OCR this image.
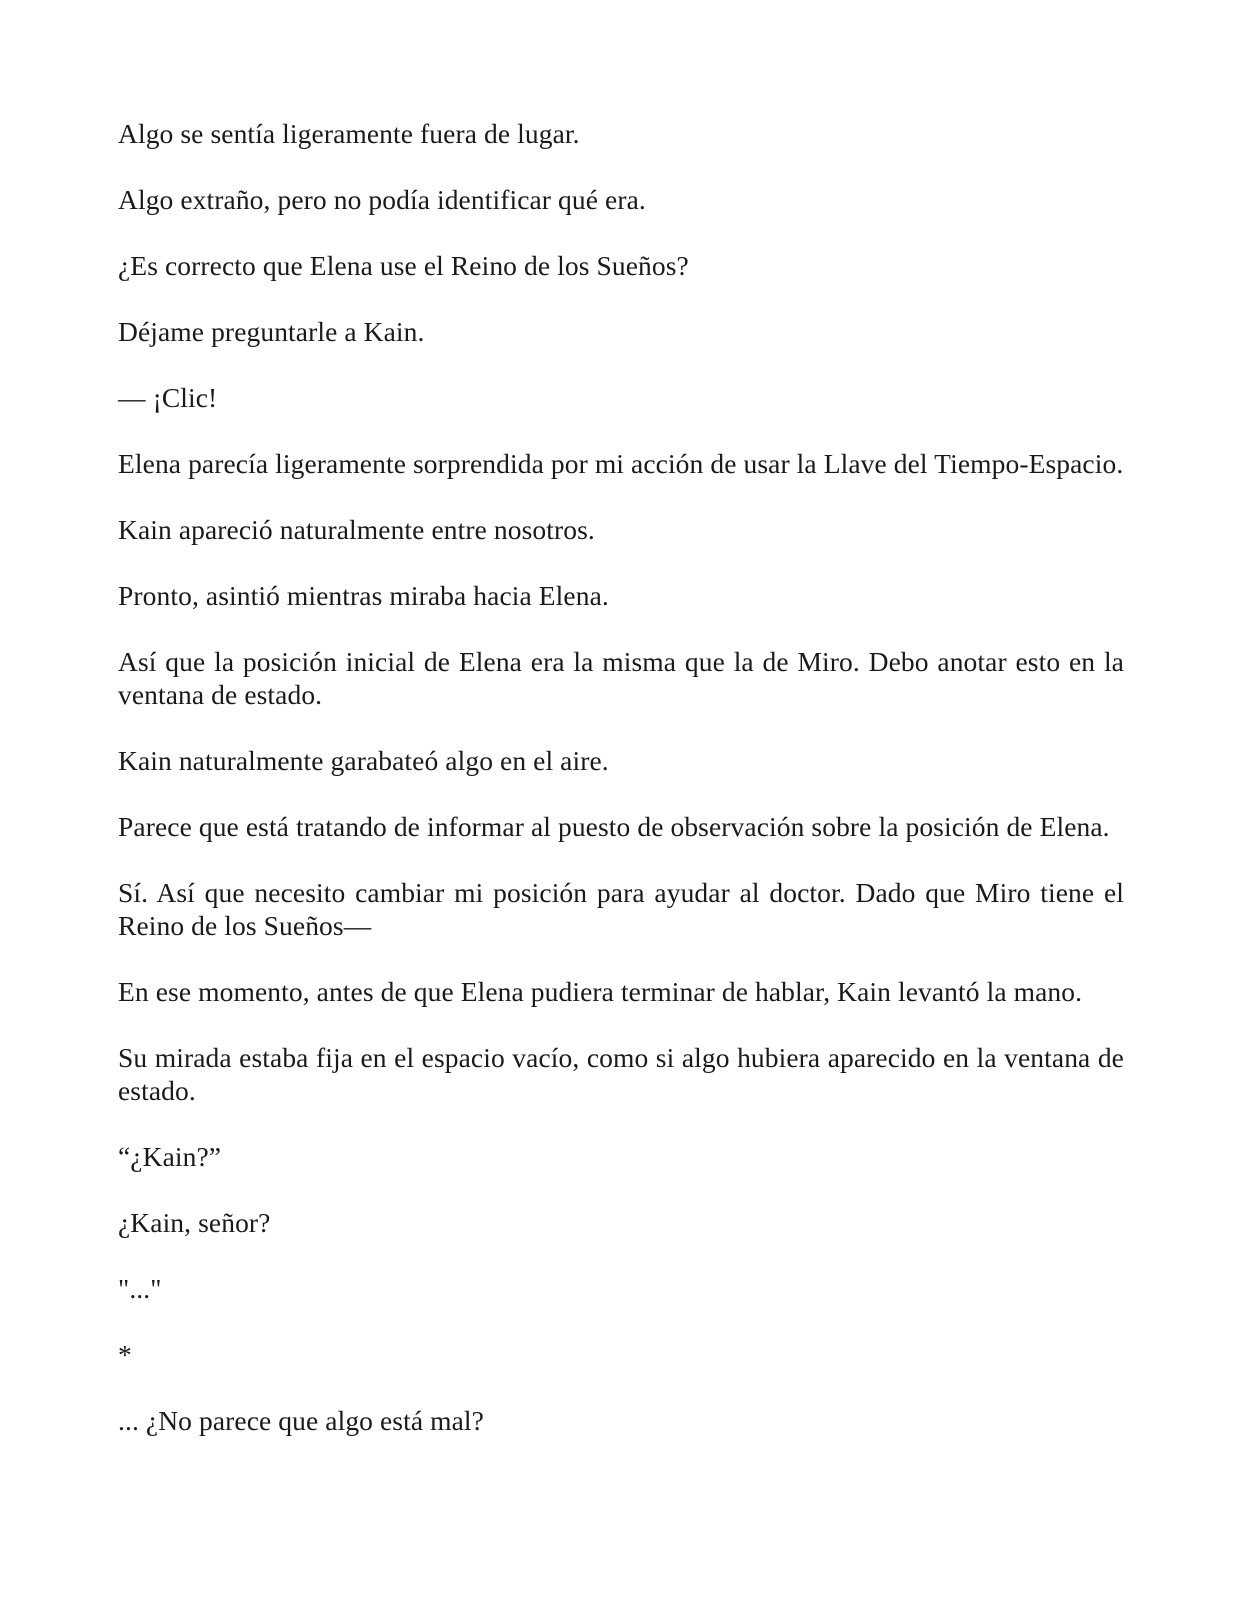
Algo se sentía ligeramente fuera de lugar.

Algo extraño, pero no podía identificar qué era.

¿Es correcto que Elena use el Reino de los Sueños?

Déjame preguntarle a Kain.

— ¡Clic!

Elena parecía ligeramente sorprendida por mi acción de usar la Llave del Tiempo-Espacio.

Kain apareció naturalmente entre nosotros.

Pronto, asintió mientras miraba hacia Elena.

Así que la posición inicial de Elena era la misma que la de Miro. Debo anotar esto en la ventana de estado.

Kain naturalmente garabateó algo en el aire.

Parece que está tratando de informar al puesto de observación sobre la posición de Elena.

Sí. Así que necesito cambiar mi posición para ayudar al doctor. Dado que Miro tiene el Reino de los Sueños—

En ese momento, antes de que Elena pudiera terminar de hablar, Kain levantó la mano.

Su mirada estaba fija en el espacio vacío, como si algo hubiera aparecido en la ventana de estado.

“¿Kain?”

¿Kain, señor?

"..."

*

... ¿No parece que algo está mal?
